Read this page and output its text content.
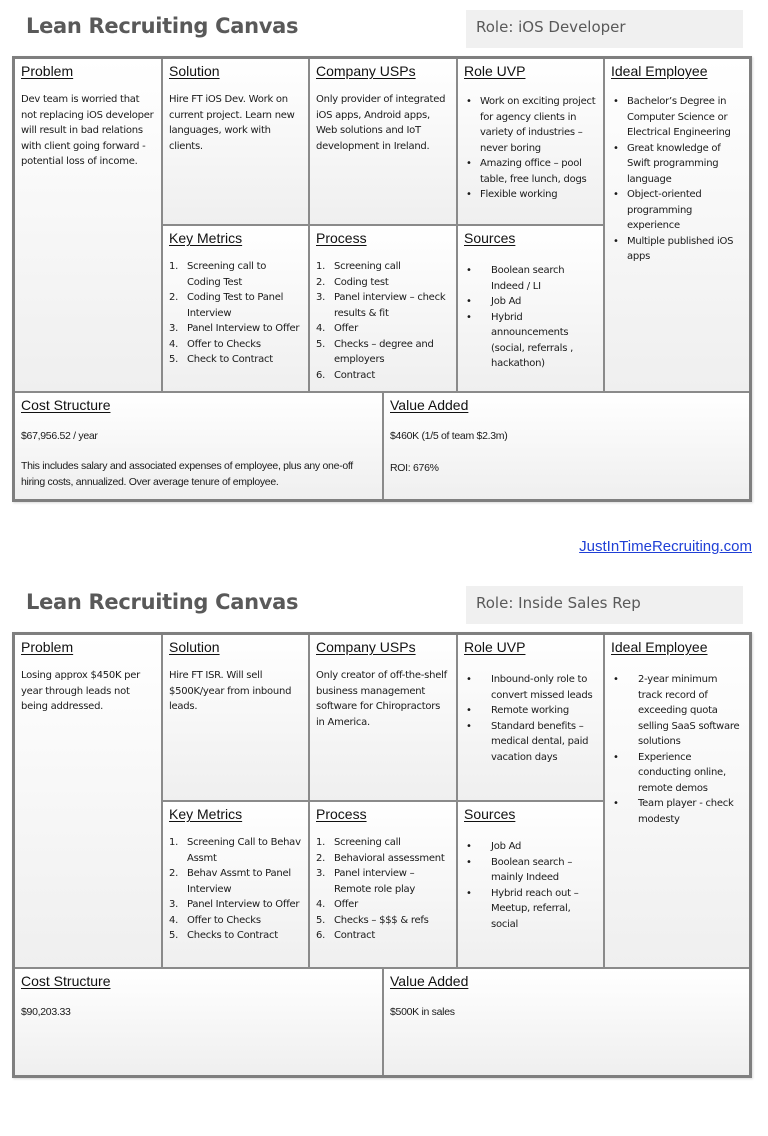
Lean Recruiting Canvas	Role: iOS Developer
Problem
Dev team is worried that not replacing iOS developer will result in bad relations with client going forward - potential loss of income.
Solution
Hire FT iOS Dev. Work on current project. Learn new languages, work with clients.
Company USPs
Only provider of integrated iOS apps, Android apps, Web solutions and IoT development in Ireland.
Role UVP
• Work on exciting project for agency clients in variety of industries – never boring
• Amazing office – pool table, free lunch, dogs
• Flexible working
Ideal Employee
• Bachelor’s Degree in Computer Science or Electrical Engineering
• Great knowledge of Swift programming language
• Object-oriented programming experience
• Multiple published iOS apps
Key Metrics
1. Screening call to Coding Test
2. Coding Test to Panel Interview
3. Panel Interview to Offer
4. Offer to Checks
5. Check to Contract
Process
1. Screening call
2. Coding test
3. Panel interview – check results & fit
4. Offer
5. Checks – degree and employers
6. Contract
Sources
• Boolean search Indeed / LI
• Job Ad
• Hybrid announcements (social, referrals , hackathon)
Cost Structure
$67,956.52 / year
This includes salary and associated expenses of employee, plus any one-off hiring costs, annualized. Over average tenure of employee.
Value Added
$460K (1/5 of team $2.3m)
ROI: 676%
JustInTimeRecruiting.com
Lean Recruiting Canvas	Role: Inside Sales Rep
Problem
Losing approx $450K per year through leads not being addressed.
Solution
Hire FT ISR. Will sell $500K/year from inbound leads.
Company USPs
Only creator of off-the-shelf business management software for Chiropractors in America.
Role UVP
• Inbound-only role to convert missed leads
• Remote working
• Standard benefits – medical dental, paid vacation days
Ideal Employee
• 2-year minimum track record of exceeding quota selling SaaS software solutions
• Experience conducting online, remote demos
• Team player - check modesty
Key Metrics
1. Screening Call to Behav Assmt
2. Behav Assmt to Panel Interview
3. Panel Interview to Offer
4. Offer to Checks
5. Checks to Contract
Process
1. Screening call
2. Behavioral assessment
3. Panel interview – Remote role play
4. Offer
5. Checks – $$$ & refs
6. Contract
Sources
• Job Ad
• Boolean search – mainly Indeed
• Hybrid reach out – Meetup, referral, social
Cost Structure
$90,203.33
Value Added
$500K in sales
